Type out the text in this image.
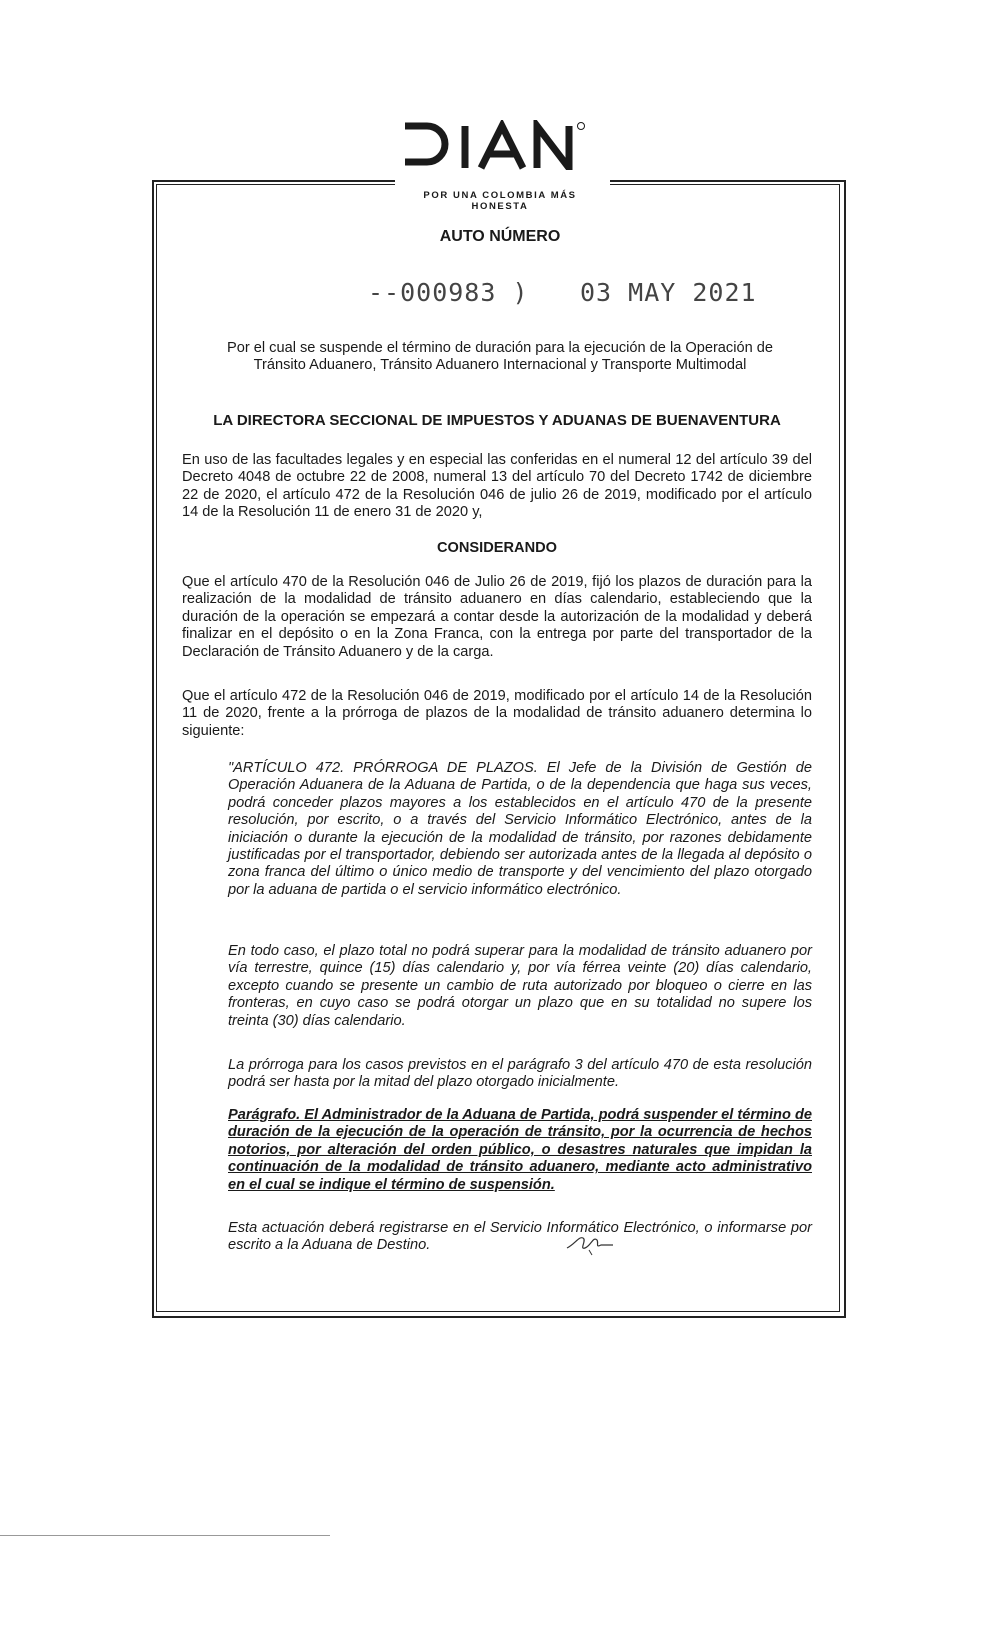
POR UNA COLOMBIA MÁS HONESTA
AUTO NÚMERO
--000983 ) 03 MAY 2021

Por el cual se suspende el término de duración para la ejecución de la Operación de Tránsito Aduanero, Tránsito Aduanero Internacional y Transporte Multimodal

LA DIRECTORA SECCIONAL DE IMPUESTOS Y ADUANAS DE BUENAVENTURA

En uso de las facultades legales y en especial las conferidas en el numeral 12 del artículo 39 del Decreto 4048 de octubre 22 de 2008, numeral 13 del artículo 70 del Decreto 1742 de diciembre 22 de 2020, el artículo 472 de la Resolución 046 de julio 26 de 2019, modificado por el artículo 14 de la Resolución 11 de enero 31 de 2020 y,

CONSIDERANDO

Que el artículo 470 de la Resolución 046 de Julio 26 de 2019, fijó los plazos de duración para la realización de la modalidad de tránsito aduanero en días calendario, estableciendo que la duración de la operación se empezará a contar desde la autorización de la modalidad y deberá finalizar en el depósito o en la Zona Franca, con la entrega por parte del transportador de la Declaración de Tránsito Aduanero y de la carga.

Que el artículo 472 de la Resolución 046 de 2019, modificado por el artículo 14 de la Resolución 11 de 2020, frente a la prórroga de plazos de la modalidad de tránsito aduanero determina lo siguiente:

"ARTÍCULO 472. PRÓRROGA DE PLAZOS. El Jefe de la División de Gestión de Operación Aduanera de la Aduana de Partida, o de la dependencia que haga sus veces, podrá conceder plazos mayores a los establecidos en el artículo 470 de la presente resolución, por escrito, o a través del Servicio Informático Electrónico, antes de la iniciación o durante la ejecución de la modalidad de tránsito, por razones debidamente justificadas por el transportador, debiendo ser autorizada antes de la llegada al depósito o zona franca del último o único medio de transporte y del vencimiento del plazo otorgado por la aduana de partida o el servicio informático electrónico.

En todo caso, el plazo total no podrá superar para la modalidad de tránsito aduanero por vía terrestre, quince (15) días calendario y, por vía férrea veinte (20) días calendario, excepto cuando se presente un cambio de ruta autorizado por bloqueo o cierre en las fronteras, en cuyo caso se podrá otorgar un plazo que en su totalidad no supere los treinta (30) días calendario.

La prórroga para los casos previstos en el parágrafo 3 del artículo 470 de esta resolución podrá ser hasta por la mitad del plazo otorgado inicialmente.

Parágrafo. El Administrador de la Aduana de Partida, podrá suspender el término de duración de la ejecución de la operación de tránsito, por la ocurrencia de hechos notorios, por alteración del orden público, o desastres naturales que impidan la continuación de la modalidad de tránsito aduanero, mediante acto administrativo en el cual se indique el término de suspensión.

Esta actuación deberá registrarse en el Servicio Informático Electrónico, o informarse por escrito a la Aduana de Destino.
